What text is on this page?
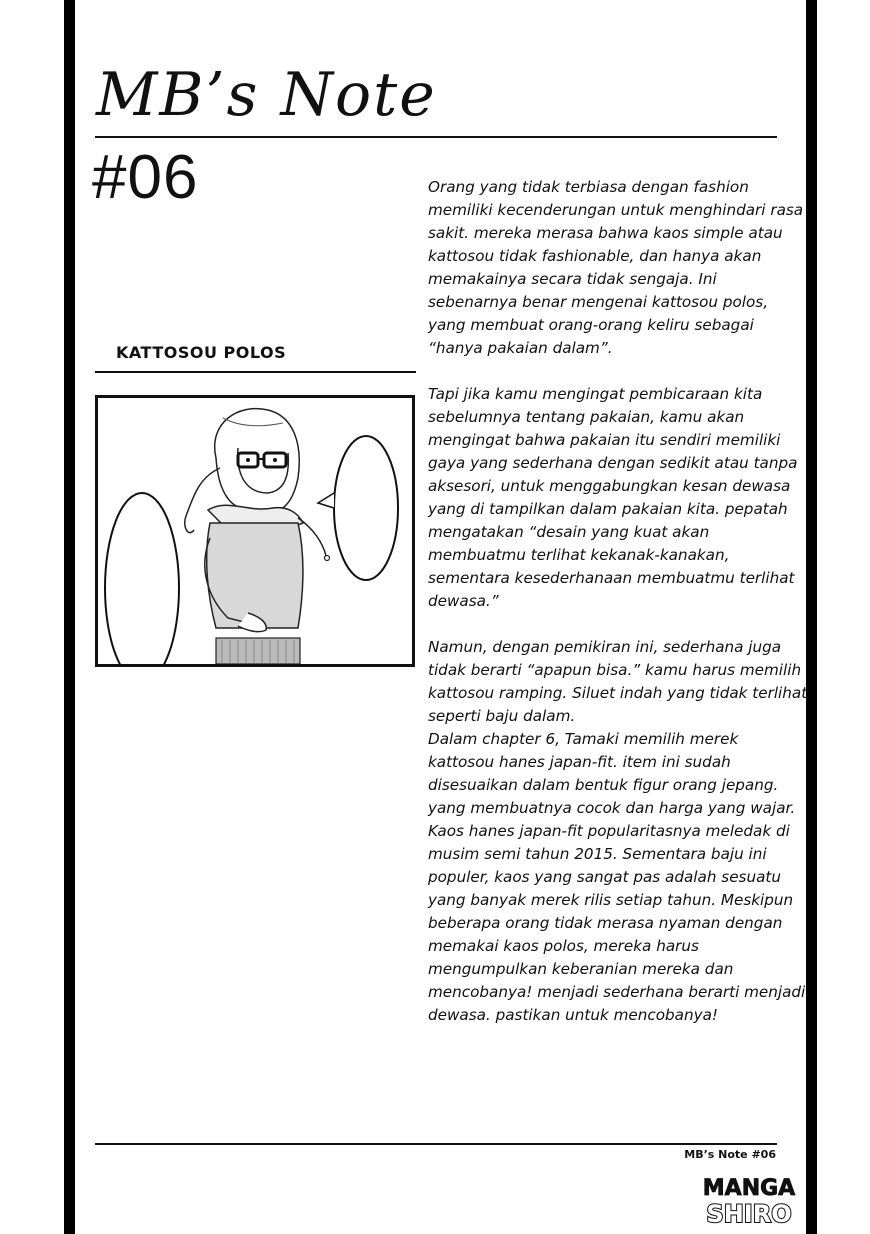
MB’s Note
#06
KATTOSOU POLOS

Orang yang tidak terbiasa dengan fashion memiliki kecenderungan untuk menghindari rasa sakit. mereka merasa bahwa kaos simple atau kattosou tidak fashionable, dan hanya akan memakainya secara tidak sengaja. Ini sebenarnya benar mengenai kattosou polos, yang membuat orang-orang keliru sebagai “hanya pakaian dalam”.

Tapi jika kamu mengingat pembicaraan kita sebelumnya tentang pakaian, kamu akan mengingat bahwa pakaian itu sendiri memiliki gaya yang sederhana dengan sedikit atau tanpa aksesori, untuk menggabungkan kesan dewasa yang di tampilkan dalam pakaian kita. pepatah mengatakan “desain yang kuat akan membuatmu terlihat kekanak-kanakan, sementara kesederhanaan membuatmu terlihat dewasa.”

Namun, dengan pemikiran ini, sederhana juga tidak berarti “apapun bisa.” kamu harus memilih kattosou ramping. Siluet indah yang tidak terlihat seperti baju dalam.

Dalam chapter 6, Tamaki memilih merek kattosou hanes japan-fit. item ini sudah disesuaikan dalam bentuk figur orang jepang. yang membuatnya cocok dan harga yang wajar. Kaos hanes japan-fit popularitasnya meledak di musim semi tahun 2015. Sementara baju ini populer, kaos yang sangat pas adalah sesuatu yang banyak merek rilis setiap tahun. Meskipun beberapa orang tidak merasa nyaman dengan memakai kaos polos, mereka harus mengumpulkan keberanian mereka dan mencobanya! menjadi sederhana berarti menjadi dewasa. pastikan untuk mencobanya!

MB’s Note #06
MANGA
SHIRO
